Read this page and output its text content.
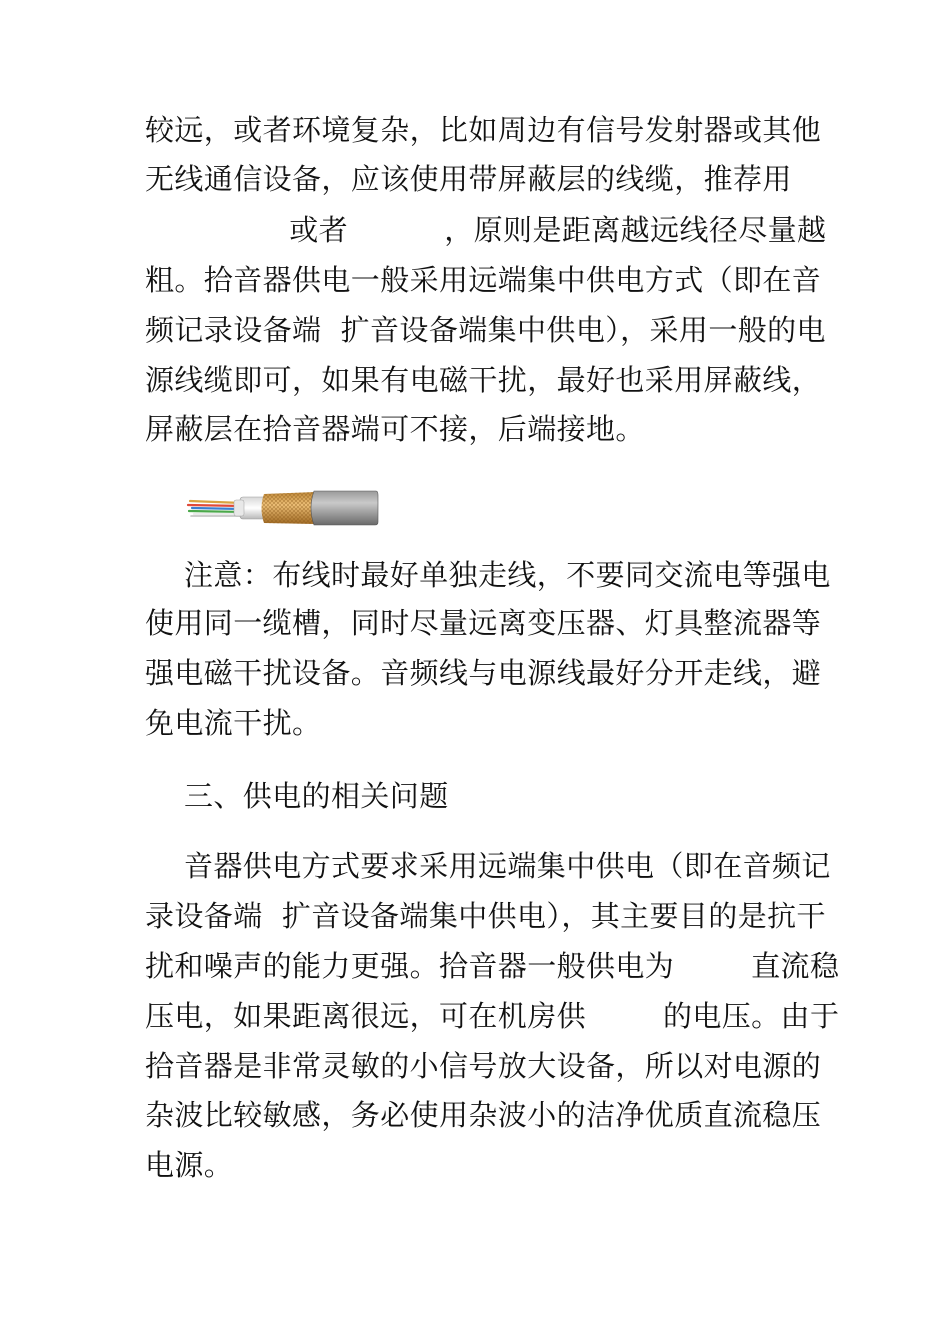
较远，或者环境复杂，比如周边有信号发射器或其他
无线通信设备，应该使用带屏蔽层的线缆，推荐用
或者          ，原则是距离越远线径尽量越
粗。拾音器供电一般采用远端集中供电方式（即在音
频记录设备端  扩音设备端集中供电），采用一般的电
源线缆即可，如果有电磁干扰，最好也采用屏蔽线，
屏蔽层在拾音器端可不接，后端接地。
注意：布线时最好单独走线，不要同交流电等强电
使用同一缆槽，同时尽量远离变压器、灯具整流器等
强电磁干扰设备。音频线与电源线最好分开走线，避
免电流干扰。
三、供电的相关问题
音器供电方式要求采用远端集中供电（即在音频记
录设备端  扩音设备端集中供电），其主要目的是抗干
扰和噪声的能力更强。拾音器一般供电为        直流稳
压电，如果距离很远，可在机房供        的电压。由于
拾音器是非常灵敏的小信号放大设备，所以对电源的
杂波比较敏感，务必使用杂波小的洁净优质直流稳压
电源。
